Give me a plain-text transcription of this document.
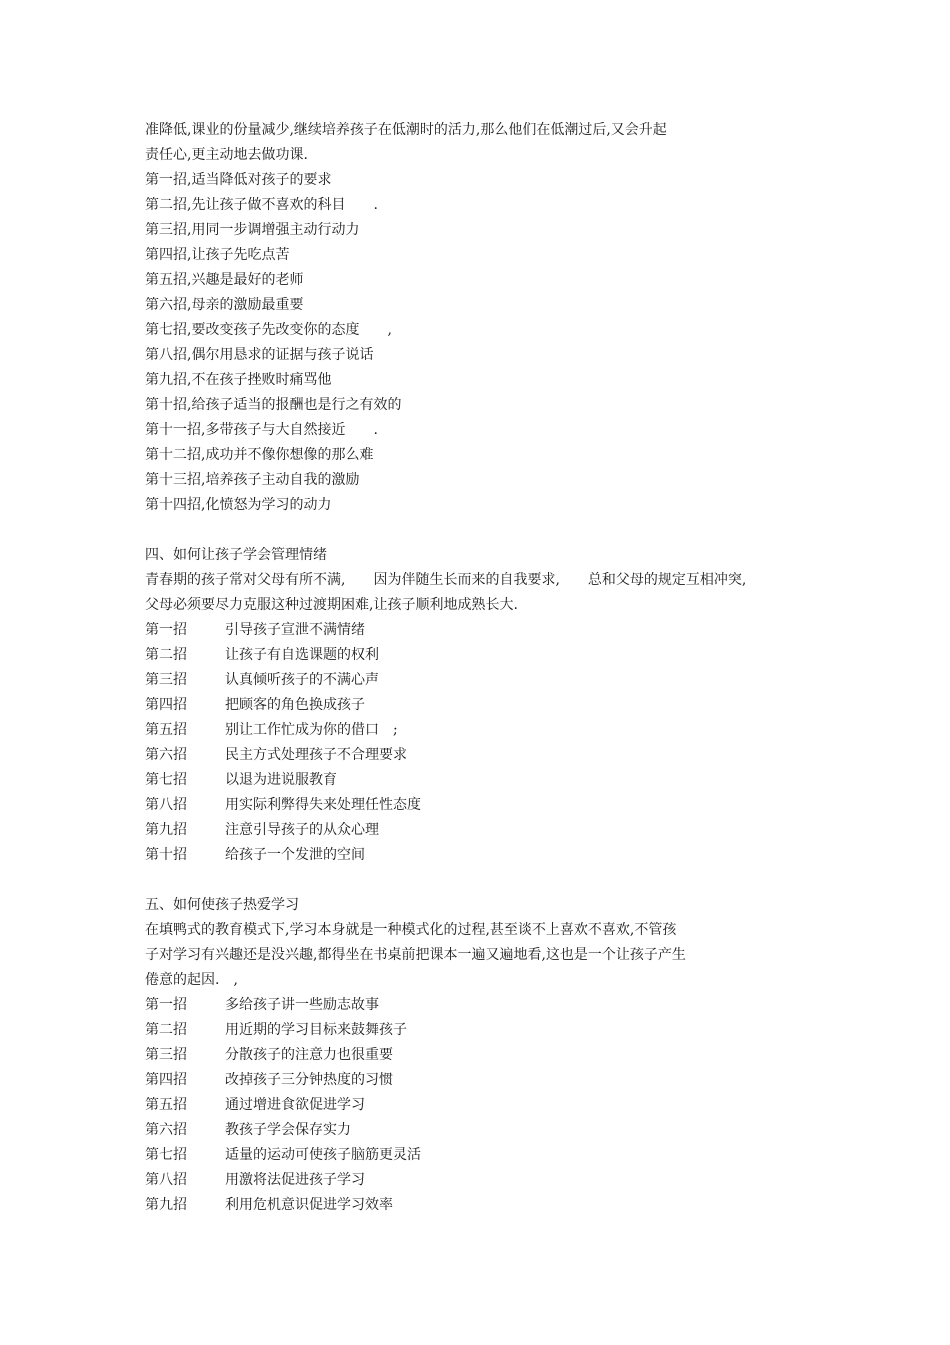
准降低,课业的份量减少,继续培养孩子在低潮时的活力,那么他们在低潮过后,又会升起
责任心,更主动地去做功课.
第一招,适当降低对孩子的要求
第二招,先让孩子做不喜欢的科目　　.
第三招,用同一步调增强主动行动力
第四招,让孩子先吃点苦
第五招,兴趣是最好的老师
第六招,母亲的激励最重要
第七招,要改变孩子先改变你的态度　　,
第八招,偶尔用恳求的证据与孩子说话
第九招,不在孩子挫败时痛骂他
第十招,给孩子适当的报酬也是行之有效的
第十一招,多带孩子与大自然接近　　.
第十二招,成功并不像你想像的那么难
第十三招,培养孩子主动自我的激励
第十四招,化愤怒为学习的动力
四、如何让孩子学会管理情绪
青春期的孩子常对父母有所不满,　　因为伴随生长而来的自我要求,　　总和父母的规定互相冲突,
父母必须要尽力克服这种过渡期困难,让孩子顺利地成熟长大.
第一招	引导孩子宣泄不满情绪
第二招	让孩子有自选课题的权利
第三招	认真倾听孩子的不满心声
第四招	把顾客的角色换成孩子
第五招	别让工作忙成为你的借口　;
第六招	民主方式处理孩子不合理要求
第七招	以退为进说服教育
第八招	用实际利弊得失来处理任性态度
第九招	注意引导孩子的从众心理
第十招	给孩子一个发泄的空间
五、如何使孩子热爱学习
在填鸭式的教育模式下,学习本身就是一种模式化的过程,甚至谈不上喜欢不喜欢,不管孩
子对学习有兴趣还是没兴趣,都得坐在书桌前把课本一遍又遍地看,这也是一个让孩子产生
倦意的起因.　,
第一招	多给孩子讲一些励志故事
第二招	用近期的学习目标来鼓舞孩子
第三招	分散孩子的注意力也很重要
第四招	改掉孩子三分钟热度的习惯
第五招	通过增进食欲促进学习
第六招	教孩子学会保存实力
第七招	适量的运动可使孩子脑筋更灵活
第八招	用激将法促进孩子学习
第九招	利用危机意识促进学习效率
